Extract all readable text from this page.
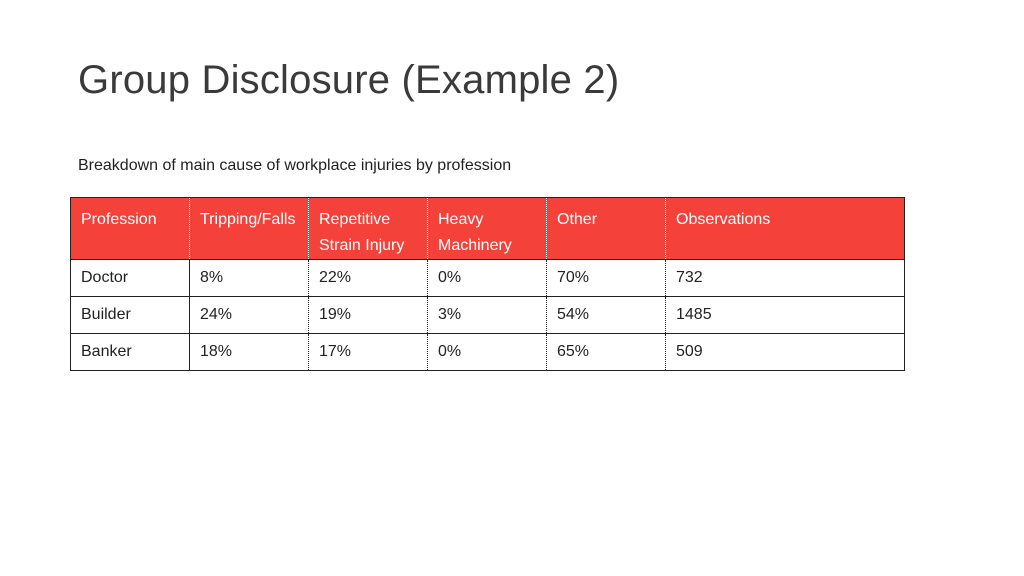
Group Disclosure (Example 2)
Breakdown of main cause of workplace injuries by profession
Profession	Tripping/Falls	Repetitive Strain Injury	Heavy Machinery	Other	Observations
Doctor	8%	22%	0%	70%	732
Builder	24%	19%	3%	54%	1485
Banker	18%	17%	0%	65%	509
